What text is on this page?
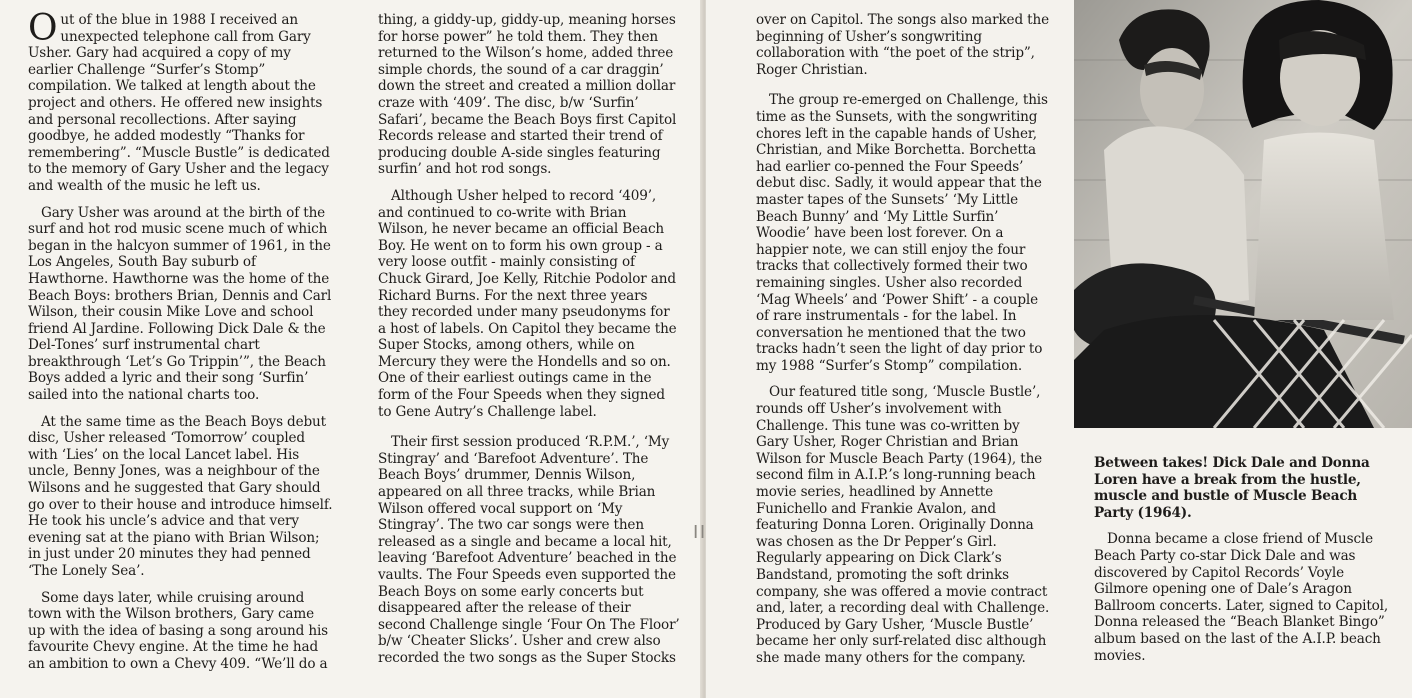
Out of the blue in 1988 I received an unexpected telephone call from Gary Usher. Gary had acquired a copy of my earlier Challenge “Surfer’s Stomp” compilation. We talked at length about the project and others. He offered new insights and personal recollections. After saying goodbye, he added modestly “Thanks for remembering”. “Muscle Bustle” is dedicated to the memory of Gary Usher and the legacy and wealth of the music he left us.

Gary Usher was around at the birth of the surf and hot rod music scene much of which began in the halcyon summer of 1961, in the Los Angeles, South Bay suburb of Hawthorne. Hawthorne was the home of the Beach Boys: brothers Brian, Dennis and Carl Wilson, their cousin Mike Love and school friend Al Jardine. Following Dick Dale & the Del-Tones’ surf instrumental chart breakthrough ‘Let’s Go Trippin’”, the Beach Boys added a lyric and their song ‘Surfin’ sailed into the national charts too.

At the same time as the Beach Boys debut disc, Usher released ‘Tomorrow’ coupled with ‘Lies’ on the local Lancet label. His uncle, Benny Jones, was a neighbour of the Wilsons and he suggested that Gary should go over to their house and introduce himself. He took his uncle’s advice and that very evening sat at the piano with Brian Wilson; in just under 20 minutes they had penned ‘The Lonely Sea’.

Some days later, while cruising around town with the Wilson brothers, Gary came up with the idea of basing a song around his favourite Chevy engine. At the time he had an ambition to own a Chevy 409. “We’ll do a

thing, a giddy-up, giddy-up, meaning horses for horse power” he told them. They then returned to the Wilson’s home, added three simple chords, the sound of a car draggin’ down the street and created a million dollar craze with ‘409’. The disc, b/w ‘Surfin’ Safari’, became the Beach Boys first Capitol Records release and started their trend of producing double A-side singles featuring surfin’ and hot rod songs.

Although Usher helped to record ‘409’, and continued to co-write with Brian Wilson, he never became an official Beach Boy. He went on to form his own group - a very loose outfit - mainly consisting of Chuck Girard, Joe Kelly, Ritchie Podolor and Richard Burns. For the next three years they recorded under many pseudonyms for a host of labels. On Capitol they became the Super Stocks, among others, while on Mercury they were the Hondells and so on. One of their earliest outings came in the form of the Four Speeds when they signed to Gene Autry’s Challenge label.

Their first session produced ‘R.P.M.’, ‘My Stingray’ and ‘Barefoot Adventure’. The Beach Boys’ drummer, Dennis Wilson, appeared on all three tracks, while Brian Wilson offered vocal support on ‘My Stingray’. The two car songs were then released as a single and became a local hit, leaving ‘Barefoot Adventure’ beached in the vaults. The Four Speeds even supported the Beach Boys on some early concerts but disappeared after the release of their second Challenge single ‘Four On The Floor’ b/w ‘Cheater Slicks’. Usher and crew also recorded the two songs as the Super Stocks

I I

over on Capitol. The songs also marked the beginning of Usher’s songwriting collaboration with “the poet of the strip”, Roger Christian.

The group re-emerged on Challenge, this time as the Sunsets, with the songwriting chores left in the capable hands of Usher, Christian, and Mike Borchetta. Borchetta had earlier co-penned the Four Speeds’ debut disc. Sadly, it would appear that the master tapes of the Sunsets’ ‘My Little Beach Bunny’ and ‘My Little Surfin’ Woodie’ have been lost forever. On a happier note, we can still enjoy the four tracks that collectively formed their two remaining singles. Usher also recorded ‘Mag Wheels’ and ‘Power Shift’ - a couple of rare instrumentals - for the label. In conversation he mentioned that the two tracks hadn’t seen the light of day prior to my 1988 “Surfer’s Stomp” compilation.

Our featured title song, ‘Muscle Bustle’, rounds off Usher’s involvement with Challenge. This tune was co-written by Gary Usher, Roger Christian and Brian Wilson for Muscle Beach Party (1964), the second film in A.I.P.’s long-running beach movie series, headlined by Annette Funichello and Frankie Avalon, and featuring Donna Loren. Originally Donna was chosen as the Dr Pepper’s Girl. Regularly appearing on Dick Clark’s Bandstand, promoting the soft drinks company, she was offered a movie contract and, later, a recording deal with Challenge. Produced by Gary Usher, ‘Muscle Bustle’ became her only surf-related disc although she made many others for the company.

Between takes! Dick Dale and Donna Loren have a break from the hustle, muscle and bustle of Muscle Beach Party (1964).

Donna became a close friend of Muscle Beach Party co-star Dick Dale and was discovered by Capitol Records’ Voyle Gilmore opening one of Dale’s Aragon Ballroom concerts. Later, signed to Capitol, Donna released the “Beach Blanket Bingo” album based on the last of the A.I.P. beach movies.
